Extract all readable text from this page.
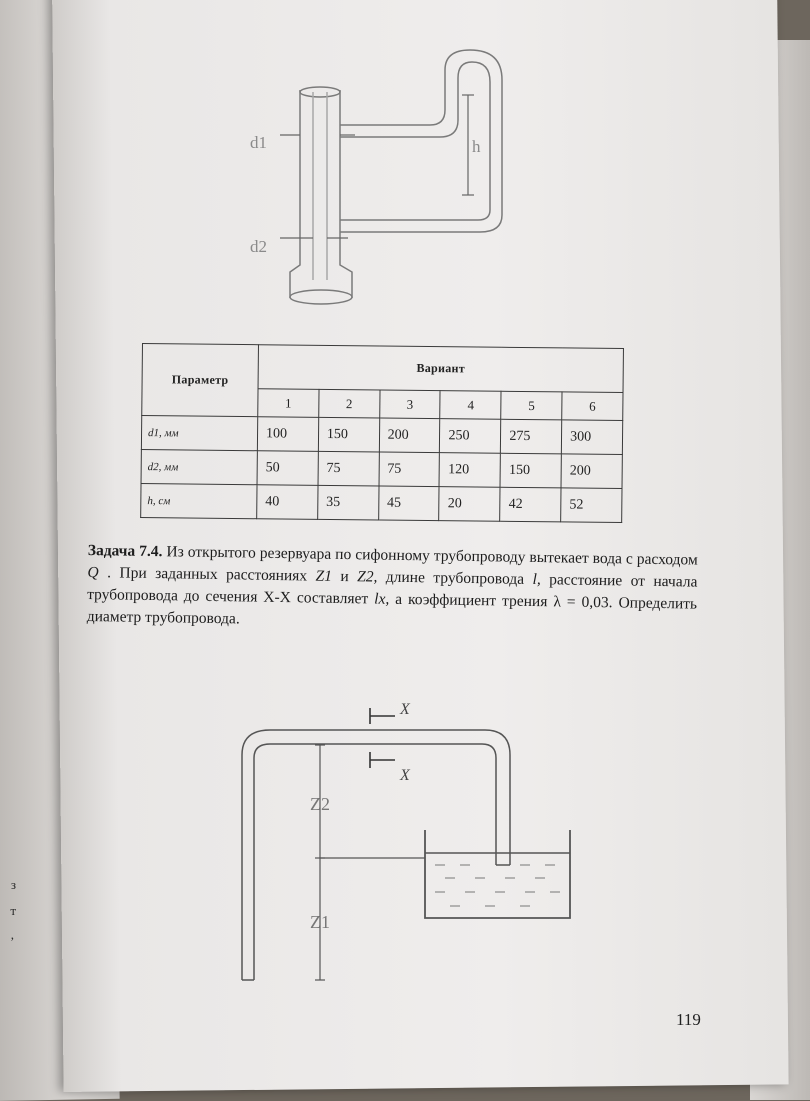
з
т
,
d1
d2
h
Параметр	Вариант					
	1	2	3	4	5	6
d1, мм	100	150	200	250	275	300
d2, мм	50	75	75	120	150	200
h, см	40	35	45	20	42	52
Задача 7.4. Из открытого резервуара по сифонному трубопроводу вытекает вода с расходом Q . При заданных расстояниях Z1 и Z2, длине трубопровода l, расстояние от начала трубопровода до сечения Х-Х составляет lx, а коэффициент трения λ = 0,03. Определить диаметр трубопровода.
X
X
Z2
Z1
119
